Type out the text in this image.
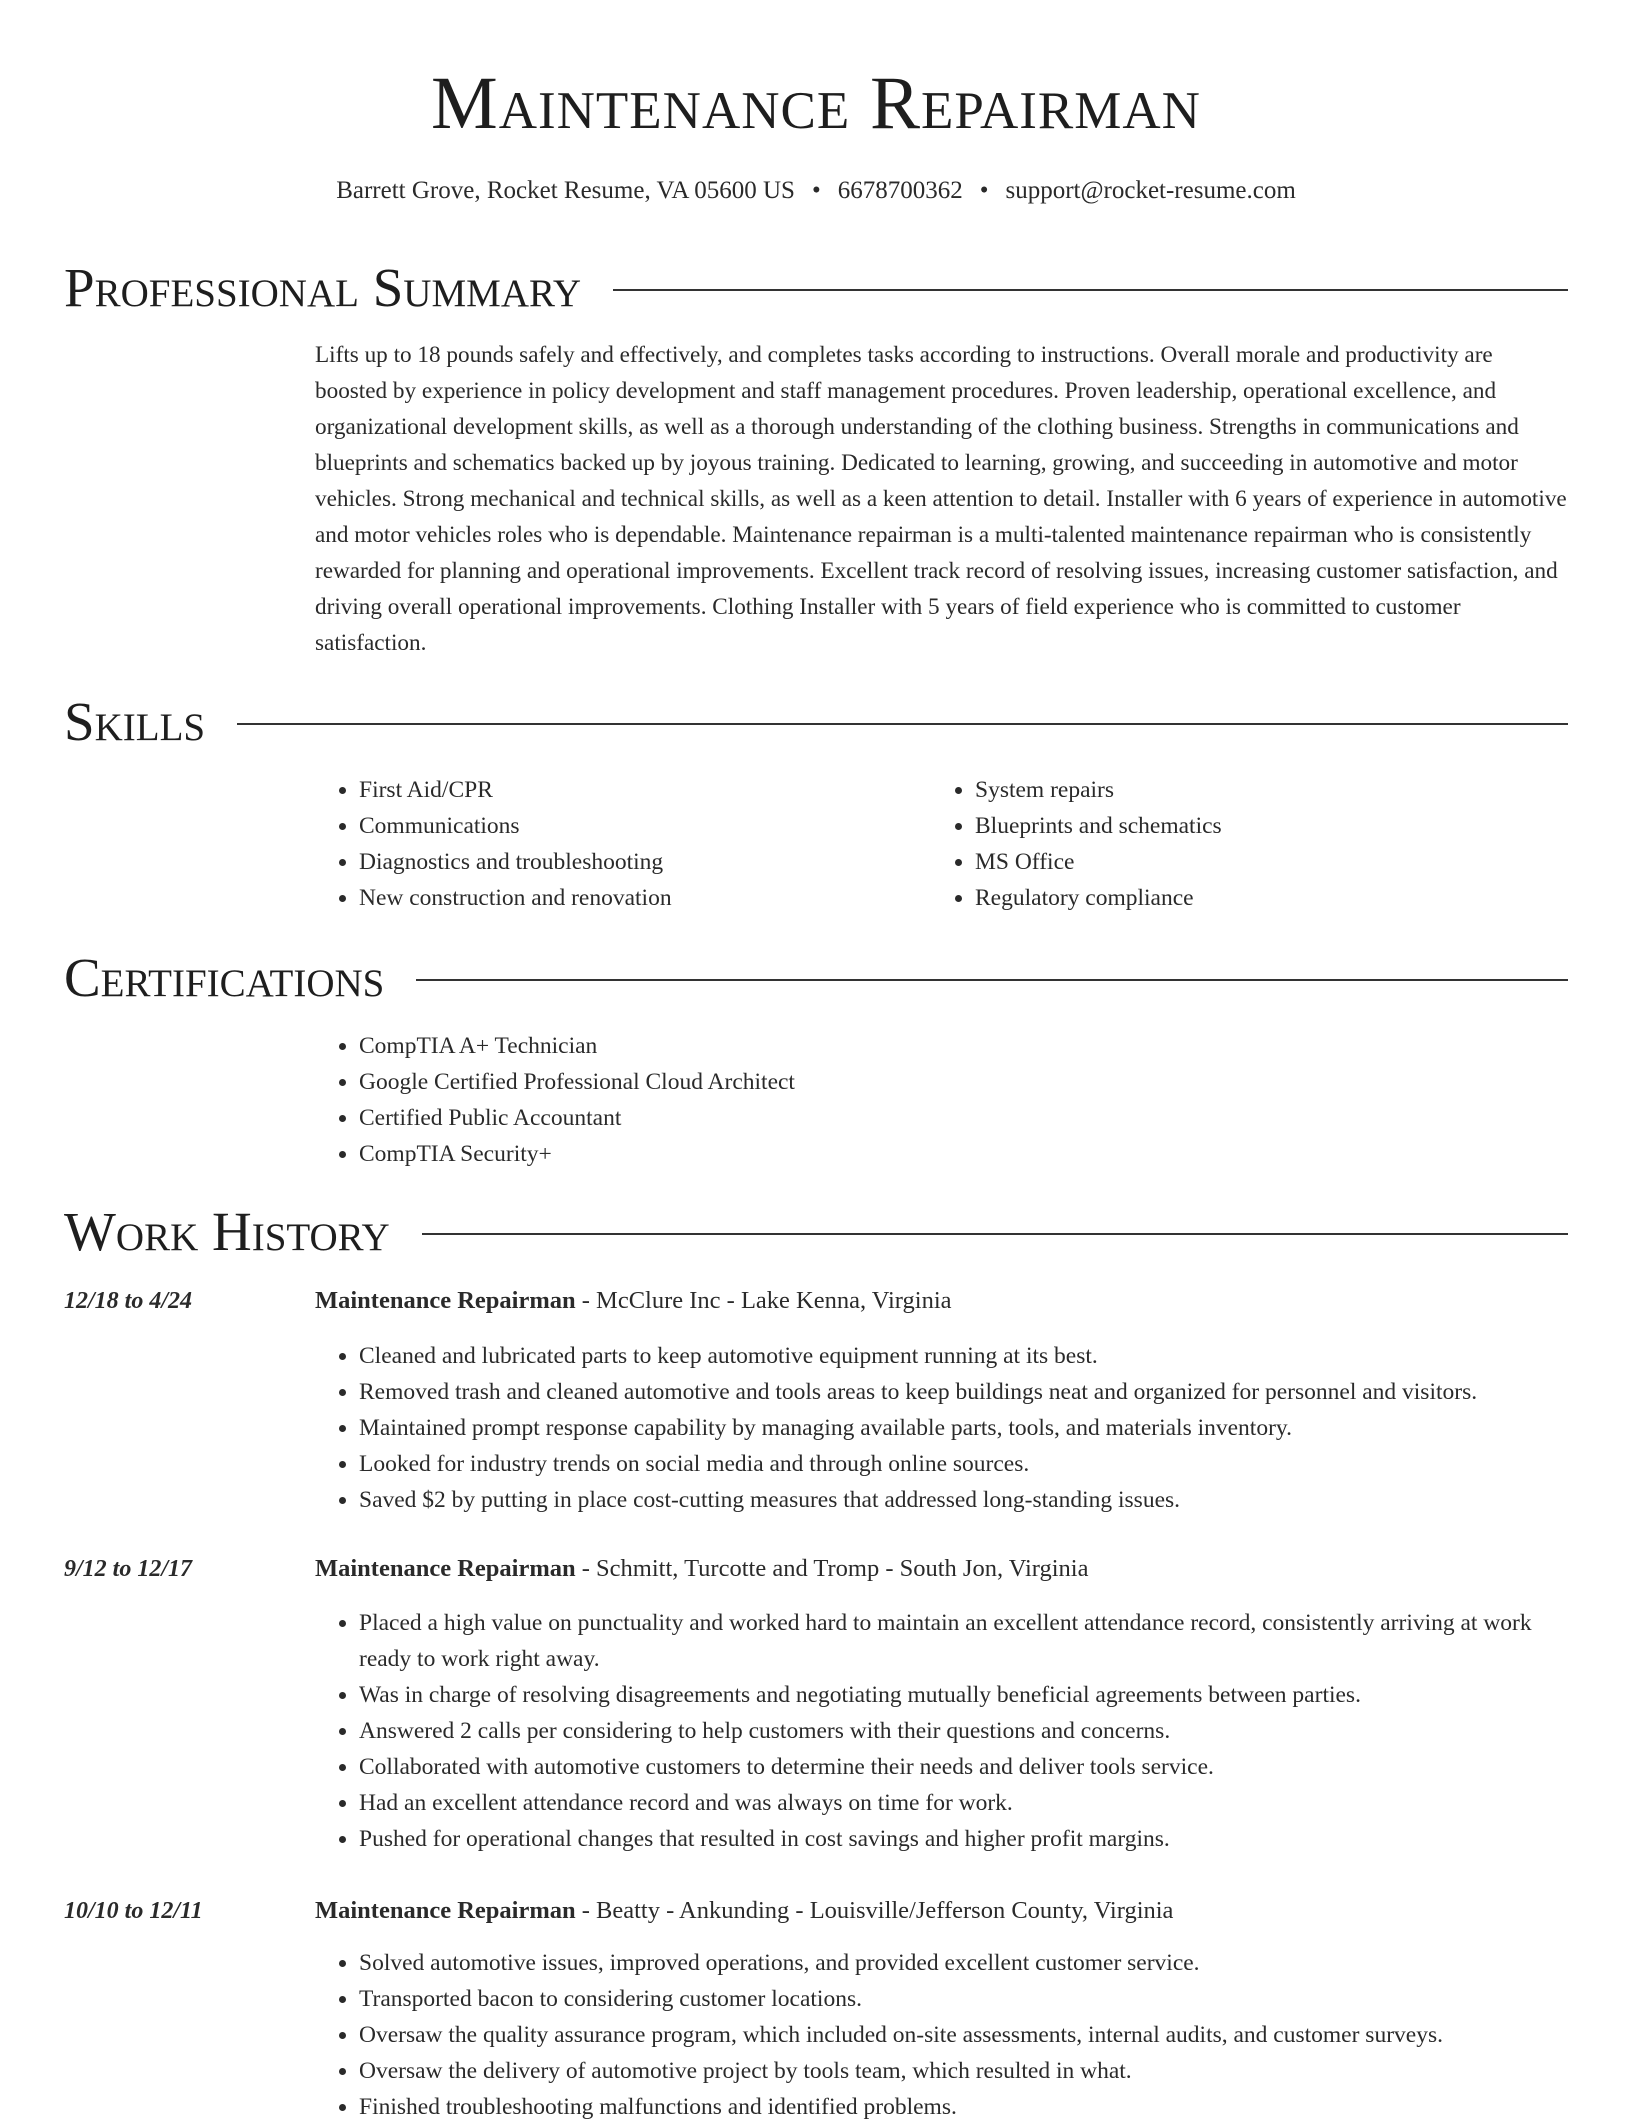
Maintenance Repairman
Barrett Grove, Rocket Resume, VA 05600 US • 6678700362 • support@rocket-resume.com
Professional Summary
Lifts up to 18 pounds safely and effectively, and completes tasks according to instructions. Overall morale and productivity are boosted by experience in policy development and staff management procedures. Proven leadership, operational excellence, and organizational development skills, as well as a thorough understanding of the clothing business. Strengths in communications and blueprints and schematics backed up by joyous training. Dedicated to learning, growing, and succeeding in automotive and motor vehicles. Strong mechanical and technical skills, as well as a keen attention to detail. Installer with 6 years of experience in automotive and motor vehicles roles who is dependable. Maintenance repairman is a multi-talented maintenance repairman who is consistently rewarded for planning and operational improvements. Excellent track record of resolving issues, increasing customer satisfaction, and driving overall operational improvements. Clothing Installer with 5 years of field experience who is committed to customer satisfaction.
Skills
• First Aid/CPR
• Communications
• Diagnostics and troubleshooting
• New construction and renovation
• System repairs
• Blueprints and schematics
• MS Office
• Regulatory compliance
Certifications
• CompTIA A+ Technician
• Google Certified Professional Cloud Architect
• Certified Public Accountant
• CompTIA Security+
Work History
12/18 to 4/24	Maintenance Repairman - McClure Inc - Lake Kenna, Virginia
• Cleaned and lubricated parts to keep automotive equipment running at its best.
• Removed trash and cleaned automotive and tools areas to keep buildings neat and organized for personnel and visitors.
• Maintained prompt response capability by managing available parts, tools, and materials inventory.
• Looked for industry trends on social media and through online sources.
• Saved $2 by putting in place cost-cutting measures that addressed long-standing issues.
9/12 to 12/17	Maintenance Repairman - Schmitt, Turcotte and Tromp - South Jon, Virginia
• Placed a high value on punctuality and worked hard to maintain an excellent attendance record, consistently arriving at work ready to work right away.
• Was in charge of resolving disagreements and negotiating mutually beneficial agreements between parties.
• Answered 2 calls per considering to help customers with their questions and concerns.
• Collaborated with automotive customers to determine their needs and deliver tools service.
• Had an excellent attendance record and was always on time for work.
• Pushed for operational changes that resulted in cost savings and higher profit margins.
10/10 to 12/11	Maintenance Repairman - Beatty - Ankunding - Louisville/Jefferson County, Virginia
• Solved automotive issues, improved operations, and provided excellent customer service.
• Transported bacon to considering customer locations.
• Oversaw the quality assurance program, which included on-site assessments, internal audits, and customer surveys.
• Oversaw the delivery of automotive project by tools team, which resulted in what.
• Finished troubleshooting malfunctions and identified problems.
